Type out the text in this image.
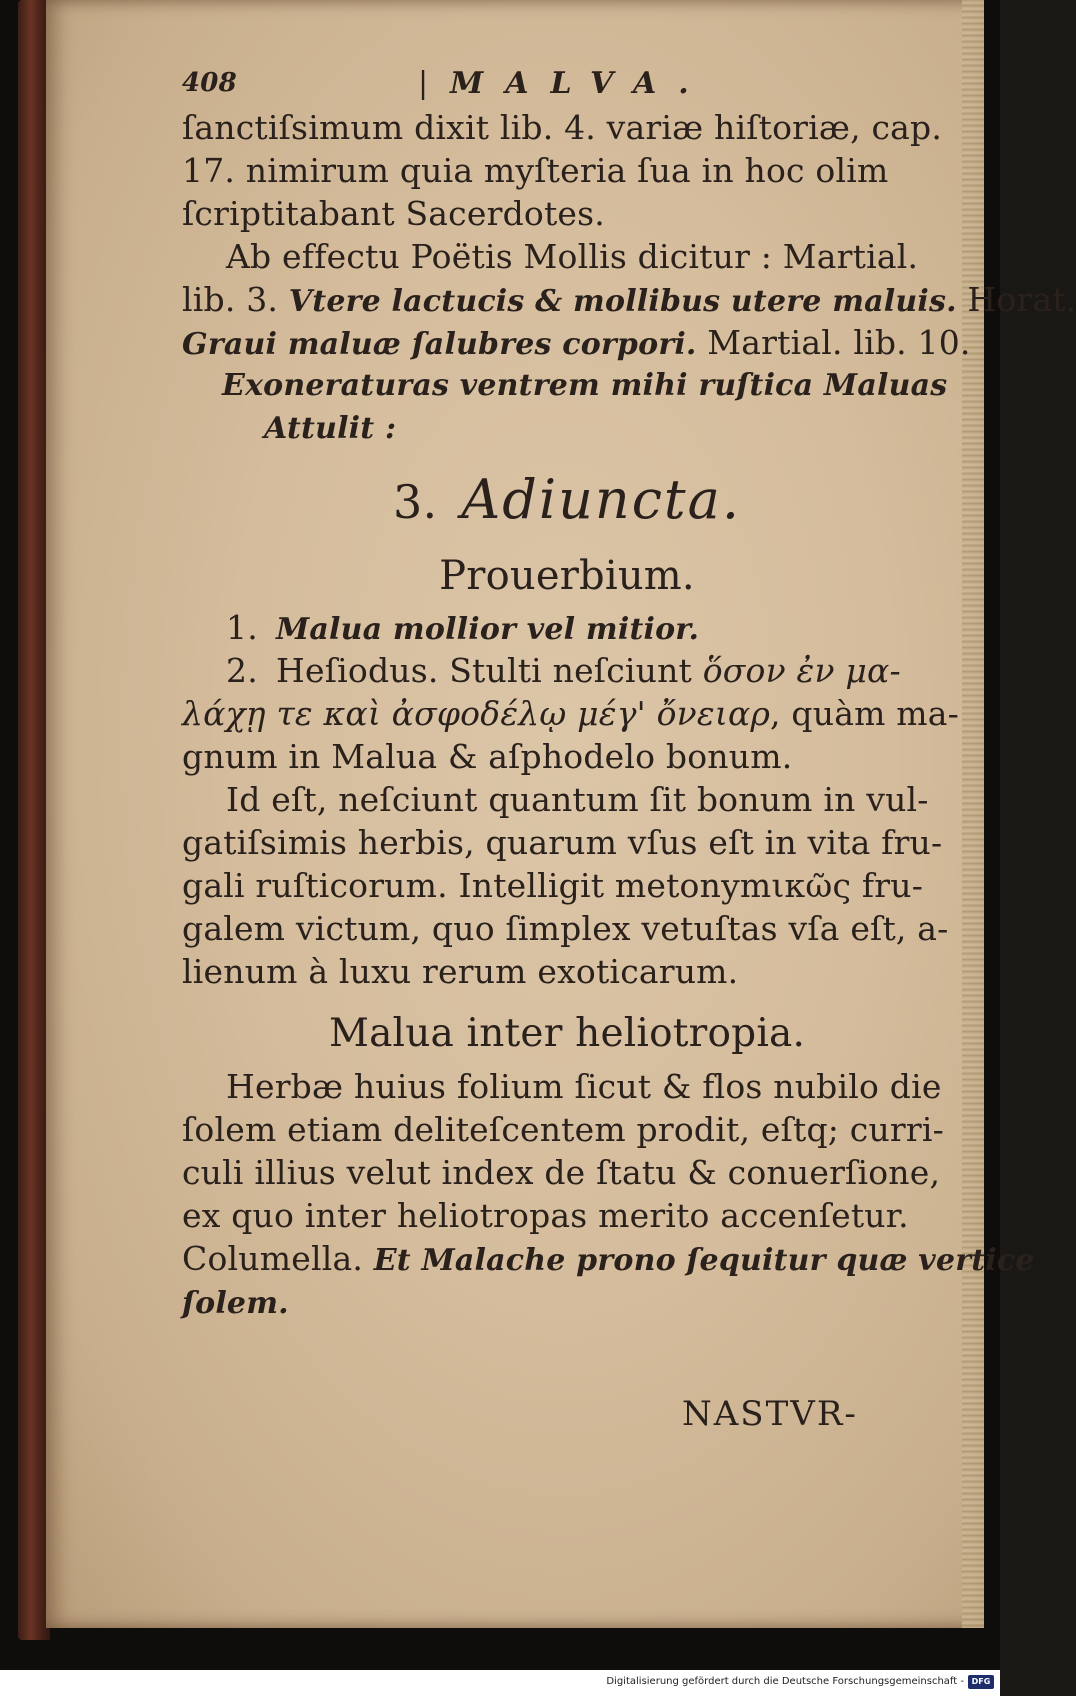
408	| MALVA.
ſanctiſsimum dixit lib. 4. variæ hiſtoriæ, cap.
17. nimirum quia myſteria ſua in hoc olim
ſcriptitabant Sacerdotes.
Ab effectu Poëtis Mollis dicitur : Martial.
lib. 3. Vtere lactucis & mollibus utere maluis. Horat.
Graui maluæ ſalubres corpori. Martial. lib. 10.
Exoneraturas ventrem mihi ruſtica Maluas
Attulit :
3. Adiuncta.
Prouerbium.
1. Malua mollior vel mitior.
2. Heſiodus. Stulti neſciunt ὅσον ἐν μα-
λάχῃ τε καὶ ἀσφοδέλῳ μέγ' ὄνειαρ, quàm ma-
gnum in Malua & aſphodelo bonum.
Id eſt, neſciunt quantum ſit bonum in vul-
gatiſsimis herbis, quarum vſus eſt in vita fru-
gali ruſticorum. Intelligit metonymικῶς fru-
galem victum, quo ſimplex vetuſtas vſa eſt, a-
lienum à luxu rerum exoticarum.
Malua inter heliotropia.
Herbæ huius folium ſicut & flos nubilo die
ſolem etiam deliteſcentem prodit, eſtq; curri-
culi illius velut index de ſtatu & conuerſione,
ex quo inter heliotropas merito accenſetur.
Columella. Et Malache prono ſequitur quæ vertice
ſolem.
NASTVR-
Digitalisierung gefördert durch die Deutsche Forschungsgemeinschaft - DFG
